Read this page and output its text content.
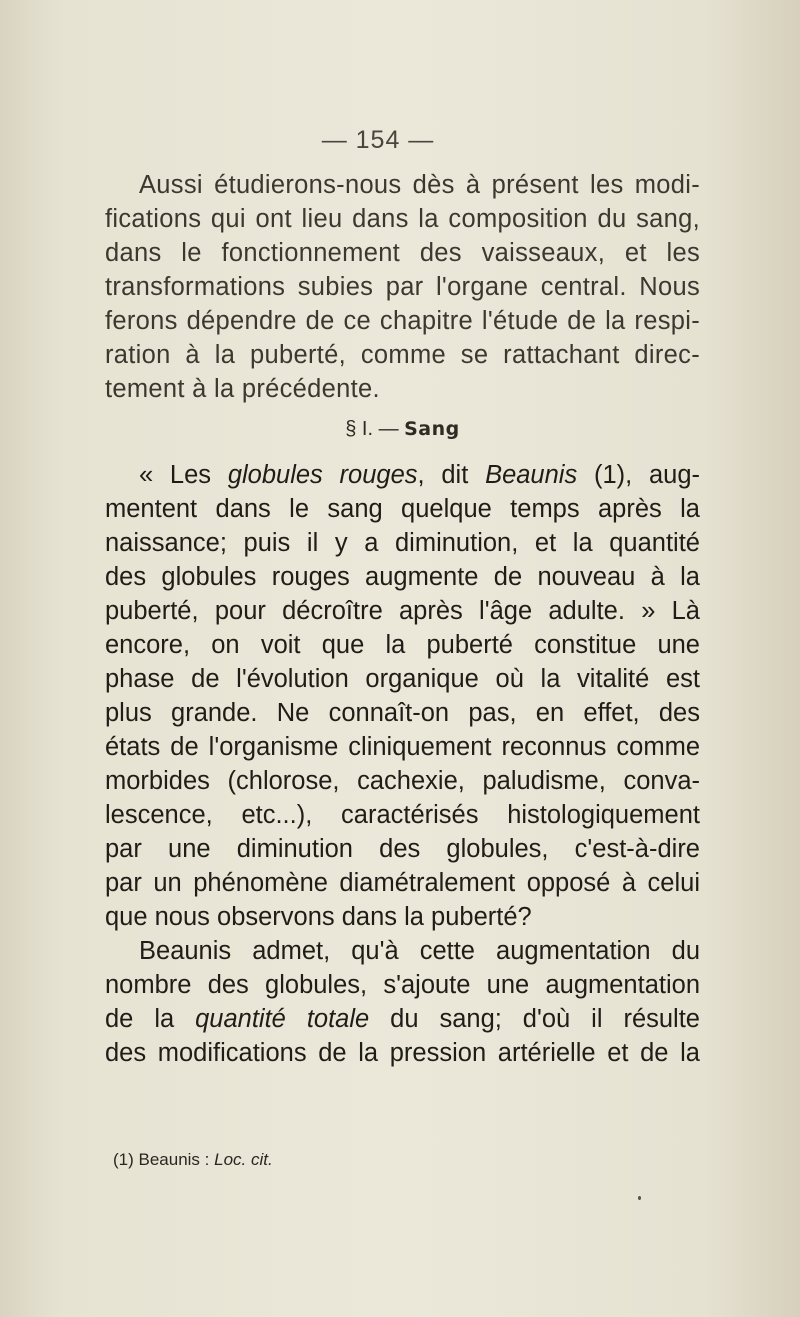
— 154 —
Aussi étudierons-nous dès à présent les modi-
fications qui ont lieu dans la composition du sang,
dans le fonctionnement des vaisseaux, et les
transformations subies par l'organe central. Nous
ferons dépendre de ce chapitre l'étude de la respi-
ration à la puberté, comme se rattachant direc-
tement à la précédente.
§ I. — Sang
« Les globules rouges, dit Beaunis (1), aug-
mentent dans le sang quelque temps après la
naissance; puis il y a diminution, et la quantité
des globules rouges augmente de nouveau à la
puberté, pour décroître après l'âge adulte. » Là
encore, on voit que la puberté constitue une
phase de l'évolution organique où la vitalité est
plus grande. Ne connaît-on pas, en effet, des
états de l'organisme cliniquement reconnus comme
morbides (chlorose, cachexie, paludisme, conva-
lescence, etc...), caractérisés histologiquement
par une diminution des globules, c'est-à-dire
par un phénomène diamétralement opposé à celui
que nous observons dans la puberté?
Beaunis admet, qu'à cette augmentation du
nombre des globules, s'ajoute une augmentation
de la quantité totale du sang; d'où il résulte
des modifications de la pression artérielle et de la
(1) Beaunis : Loc. cit.
